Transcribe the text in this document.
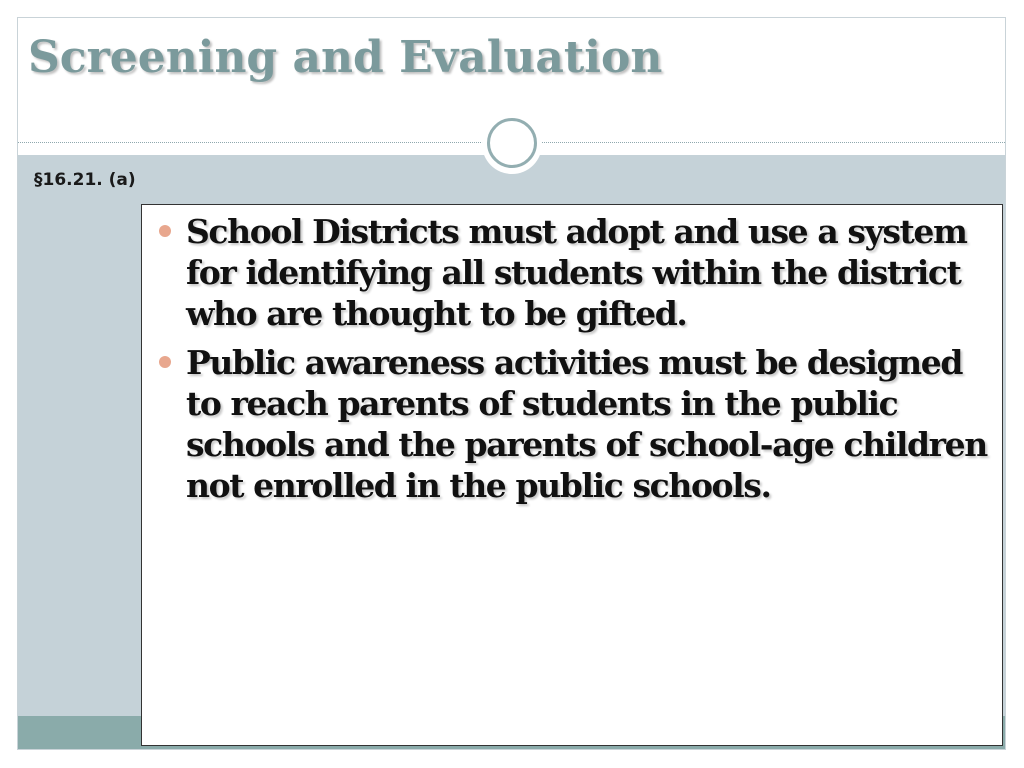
Screening and Evaluation
§16.21. (a)
School Districts must adopt and use a system for identifying all students within the district who are thought to be gifted.
Public awareness activities must be designed to reach parents of students in the public schools and the parents of school-age children not enrolled in the public schools.
